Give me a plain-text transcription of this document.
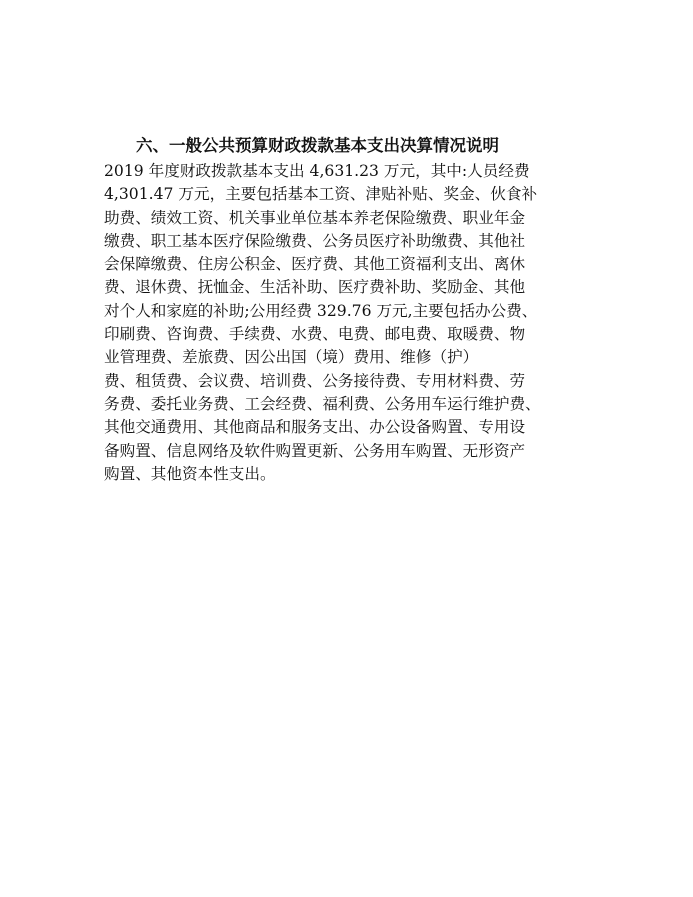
六、一般公共预算财政拨款基本支出决算情况说明
2019 年度财政拨款基本支出 4,631.23 万元，其中:人员经费
4,301.47 万元，主要包括基本工资、津贴补贴、奖金、伙食补
助费、绩效工资、机关事业单位基本养老保险缴费、职业年金
缴费、职工基本医疗保险缴费、公务员医疗补助缴费、其他社
会保障缴费、住房公积金、医疗费、其他工资福利支出、离休
费、退休费、抚恤金、生活补助、医疗费补助、奖励金、其他
对个人和家庭的补助;公用经费 329.76 万元,主要包括办公费、
印刷费、咨询费、手续费、水费、电费、邮电费、取暖费、物
业管理费、差旅费、因公出国（境）费用、维修（护）
费、租赁费、会议费、培训费、公务接待费、专用材料费、劳
务费、委托业务费、工会经费、福利费、公务用车运行维护费、
其他交通费用、其他商品和服务支出、办公设备购置、专用设
备购置、信息网络及软件购置更新、公务用车购置、无形资产
购置、其他资本性支出。
